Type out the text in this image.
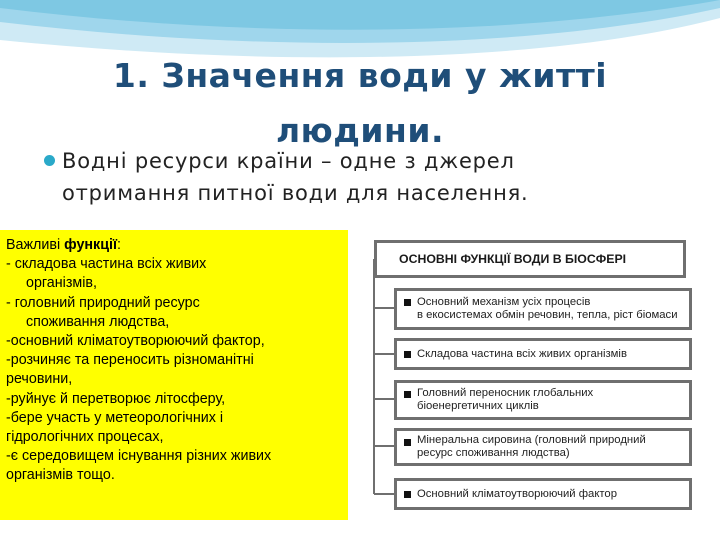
1. Значення води у житті
людини.
Водні ресурси країни – одне з джерел
отримання питної води для населення.
Важливі функції:
- складова частина всіх живих
організмів,
- головний природний ресурс
споживання людства,
-основний кліматоутворюючий фактор,
-розчиняє та переносить різноманітні
речовини,
-руйнує й перетворює літосферу,
-бере участь у метеорологічних і
гідрологічних процесах,
-є середовищем існування різних живих
організмів тощо.
ОСНОВНІ ФУНКЦІЇ ВОДИ В БІОСФЕРІ
Основний механізм усіх процесів
в екосистемах обмін речовин, тепла, ріст біомаси
Складова частина всіх живих організмів
Головний переносник глобальних
біоенергетичних циклів
Мінеральна сировина (головний природний
ресурс споживання людства)
Основний кліматоутворюючий фактор
